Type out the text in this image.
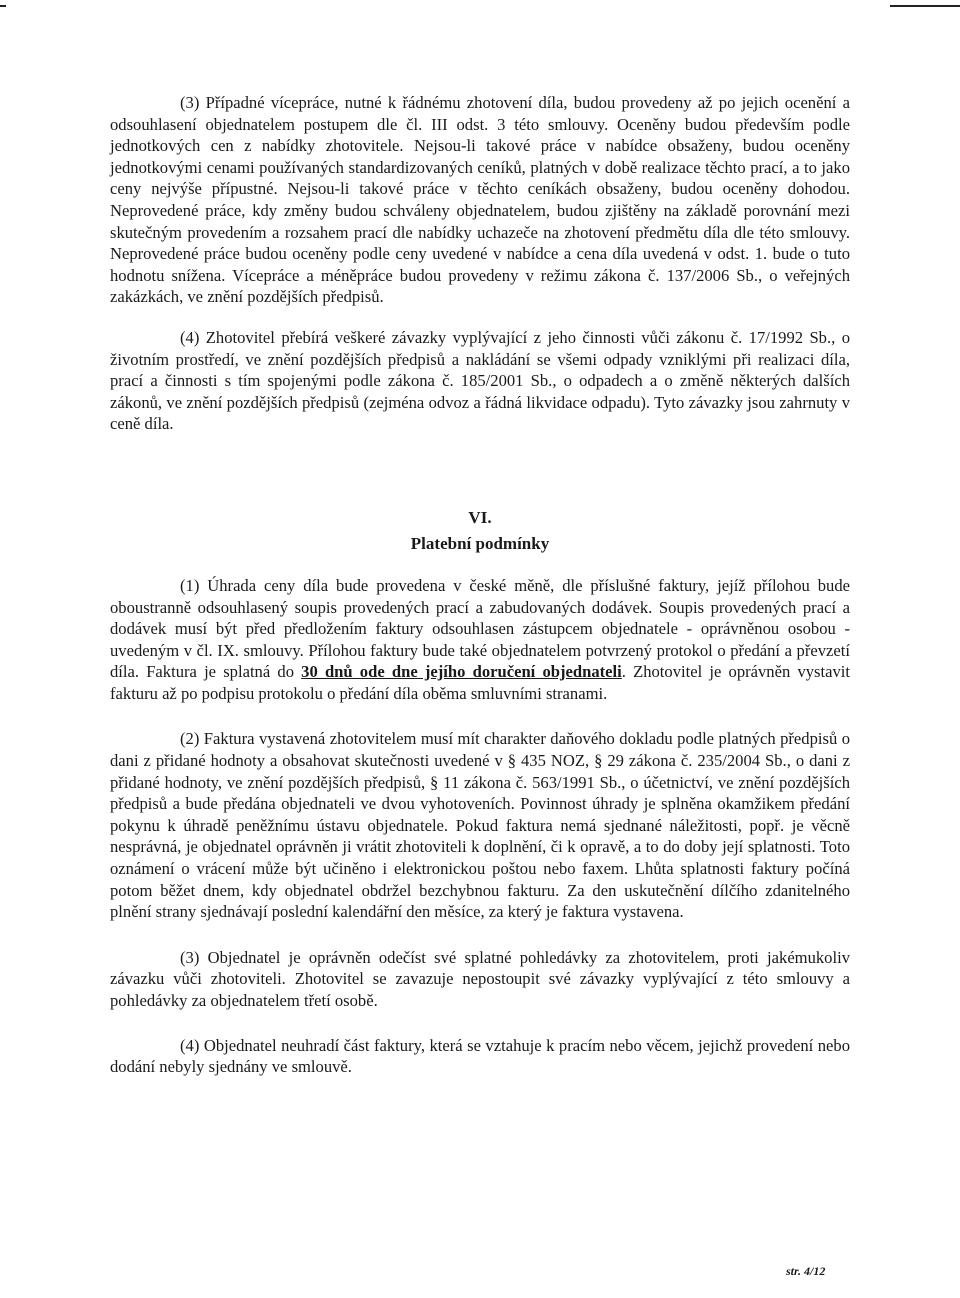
(3) Případné vícepráce, nutné k řádnému zhotovení díla, budou provedeny až po jejich ocenění a odsouhlasení objednatelem postupem dle čl. III odst. 3 této smlouvy. Oceněny budou především podle jednotkových cen z nabídky zhotovitele. Nejsou-li takové práce v nabídce obsaženy, budou oceněny jednotkovými cenami používaných standardizovaných ceníků, platných v době realizace těchto prací, a to jako ceny nejvýše přípustné. Nejsou-li takové práce v těchto ceníkách obsaženy, budou oceněny dohodou. Neprovedené práce, kdy změny budou schváleny objednatelem, budou zjištěny na základě porovnání mezi skutečným provedením a rozsahem prací dle nabídky uchazeče na zhotovení předmětu díla dle této smlouvy. Neprovedené práce budou oceněny podle ceny uvedené v nabídce a cena díla uvedená v odst. 1. bude o tuto hodnotu snížena. Vícepráce a méněpráce budou provedeny v režimu zákona č. 137/2006 Sb., o veřejných zakázkách, ve znění pozdějších předpisů.

(4) Zhotovitel přebírá veškeré závazky vyplývající z jeho činnosti vůči zákonu č. 17/1992 Sb., o životním prostředí, ve znění pozdějších předpisů a nakládání se všemi odpady vzniklými při realizaci díla, prací a činnosti s tím spojenými podle zákona č. 185/2001 Sb., o odpadech a o změně některých dalších zákonů, ve znění pozdějších předpisů (zejména odvoz a řádná likvidace odpadu). Tyto závazky jsou zahrnuty v ceně díla.

VI.
Platební podmínky

(1) Úhrada ceny díla bude provedena v české měně, dle příslušné faktury, jejíž přílohou bude oboustranně odsouhlasený soupis provedených prací a zabudovaných dodávek. Soupis provedených prací a dodávek musí být před předložením faktury odsouhlasen zástupcem objednatele - oprávněnou osobou - uvedeným v čl. IX. smlouvy. Přílohou faktury bude také objednatelem potvrzený protokol o předání a převzetí díla. Faktura je splatná do 30 dnů ode dne jejího doručení objednateli. Zhotovitel je oprávněn vystavit fakturu až po podpisu protokolu o předání díla oběma smluvními stranami.

(2) Faktura vystavená zhotovitelem musí mít charakter daňového dokladu podle platných předpisů o dani z přidané hodnoty a obsahovat skutečnosti uvedené v § 435 NOZ, § 29 zákona č. 235/2004 Sb., o dani z přidané hodnoty, ve znění pozdějších předpisů, § 11 zákona č. 563/1991 Sb., o účetnictví, ve znění pozdějších předpisů a bude předána objednateli ve dvou vyhotoveních. Povinnost úhrady je splněna okamžikem předání pokynu k úhradě peněžnímu ústavu objednatele. Pokud faktura nemá sjednané náležitosti, popř. je věcně nesprávná, je objednatel oprávněn ji vrátit zhotoviteli k doplnění, či k opravě, a to do doby její splatnosti. Toto oznámení o vrácení může být učiněno i elektronickou poštou nebo faxem. Lhůta splatnosti faktury počíná potom běžet dnem, kdy objednatel obdržel bezchybnou fakturu. Za den uskutečnění dílčího zdanitelného plnění strany sjednávají poslední kalendářní den měsíce, za který je faktura vystavena.

(3) Objednatel je oprávněn odečíst své splatné pohledávky za zhotovitelem, proti jakémukoliv závazku vůči zhotoviteli. Zhotovitel se zavazuje nepostoupit své závazky vyplývající z této smlouvy a pohledávky za objednatelem třetí osobě.

(4) Objednatel neuhradí část faktury, která se vztahuje k pracím nebo věcem, jejichž provedení nebo dodání nebyly sjednány ve smlouvě.

str. 4/12
